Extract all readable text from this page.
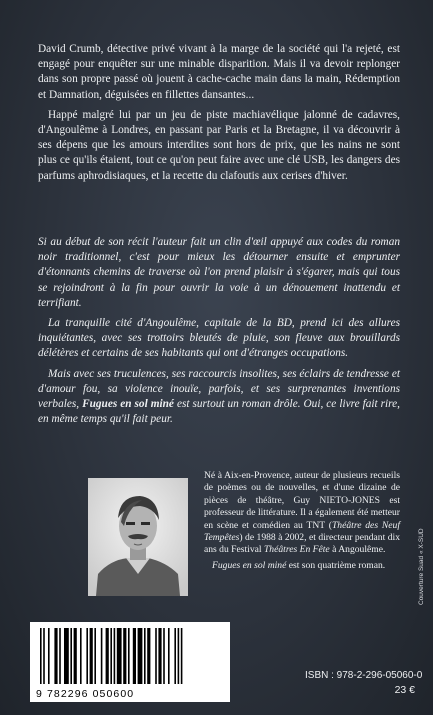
David Crumb, détective privé vivant à la marge de la société qui l'a rejeté, est engagé pour enquêter sur une minable disparition. Mais il va devoir replonger dans son propre passé où jouent à cache-cache main dans la main, Rédemption et Damnation, déguisées en fillettes dansantes...

Happé malgré lui par un jeu de piste machiavélique jalonné de cadavres, d'Angoulême à Londres, en passant par Paris et la Bretagne, il va découvrir à ses dépens que les amours interdites sont hors de prix, que les nains ne sont plus ce qu'ils étaient, tout ce qu'on peut faire avec une clé USB, les dangers des parfums aphrodisiaques, et la recette du clafoutis aux cerises d'hiver.

Si au début de son récit l'auteur fait un clin d'œil appuyé aux codes du roman noir traditionnel, c'est pour mieux les détourner ensuite et emprunter d'étonnants chemins de traverse où l'on prend plaisir à s'égarer, mais qui tous se rejoindront à la fin pour ouvrir la voie à un dénouement inattendu et terrifiant.

La tranquille cité d'Angoulême, capitale de la BD, prend ici des allures inquiétantes, avec ses trottoirs bleutés de pluie, son fleuve aux brouillards délétères et certains de ses habitants qui ont d'étranges occupations.

Mais avec ses truculences, ses raccourcis insolites, ses éclairs de tendresse et d'amour fou, sa violence inouïe, parfois, et ses surprenantes inventions verbales, Fugues en sol miné est surtout un roman drôle. Oui, ce livre fait rire, en même temps qu'il fait peur.

Né à Aix-en-Provence, auteur de plusieurs recueils de poèmes ou de nouvelles, et d'une dizaine de pièces de théâtre, Guy NIETO-JONES est professeur de littérature. Il a également été metteur en scène et comédien au TNT (Théâtre des Neuf Tempêtes) de 1988 à 2002, et directeur pendant dix ans du Festival Théâtres En Fête à Angoulême.

Fugues en sol miné est son quatrième roman.	Couverture Suad « X-SUD
9 782296 050600
ISBN : 978-2-296-05060-0
23 €
